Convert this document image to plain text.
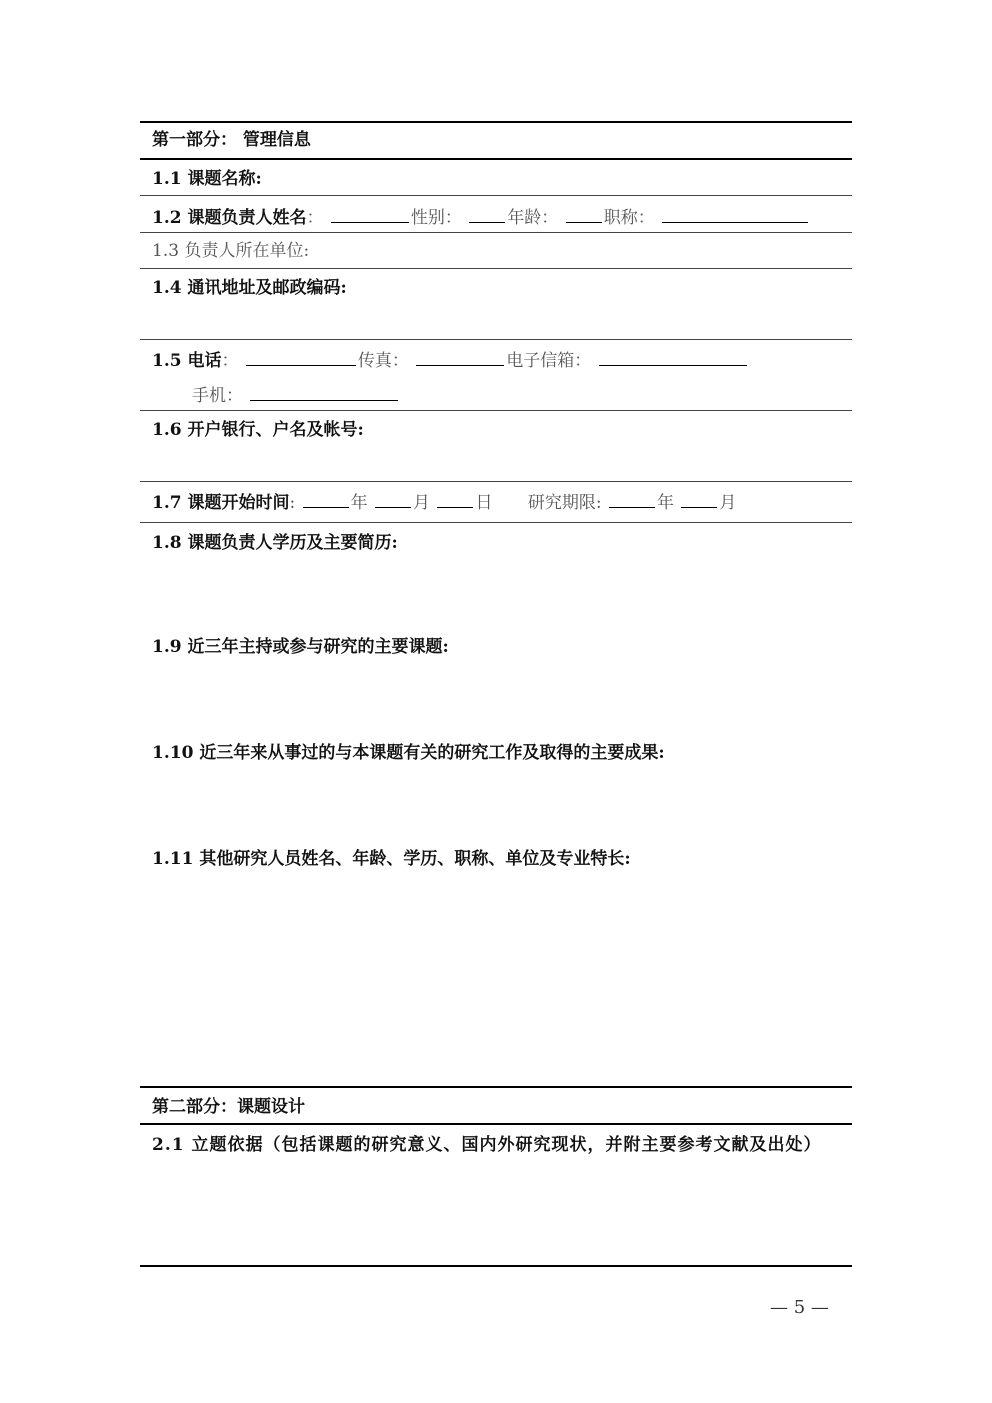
第一部分： 管理信息
1.1 课题名称:
1.2 课题负责人姓名：	性别：	年龄：	职称：
1.3 负责人所在单位:
1.4 通讯地址及邮政编码:
1.5 电话：	传真：	电子信箱：
手机：
1.6 开户银行、户名及帐号:
1.7 课题开始时间:	年	月	日 研究期限:	年	月
1.8 课题负责人学历及主要简历:
1.9 近三年主持或参与研究的主要课题:
1.10 近三年来从事过的与本课题有关的研究工作及取得的主要成果:
1.11 其他研究人员姓名、年龄、学历、职称、单位及专业特长:
第二部分：课题设计
2.1 立题依据（包括课题的研究意义、国内外研究现状，并附主要参考文献及出处）
— 5 —
